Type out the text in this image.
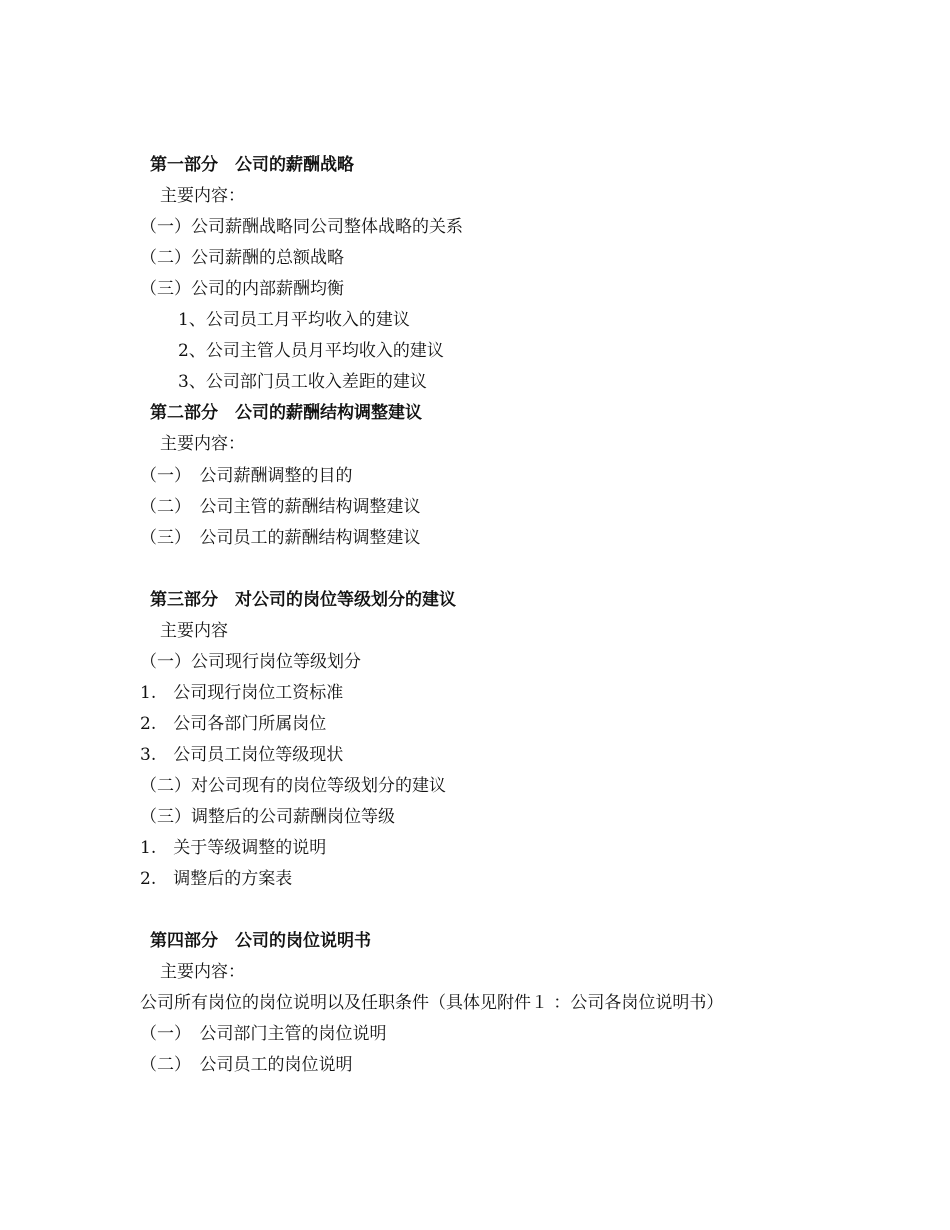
第一部分　公司的薪酬战略
主要内容：
（一）公司薪酬战略同公司整体战略的关系
（二）公司薪酬的总额战略
（三）公司的内部薪酬均衡
1、公司员工月平均收入的建议
2、公司主管人员月平均收入的建议
3、公司部门员工收入差距的建议
第二部分　公司的薪酬结构调整建议
主要内容：
（一）　公司薪酬调整的目的
（二）　公司主管的薪酬结构调整建议
（三）　公司员工的薪酬结构调整建议
第三部分　对公司的岗位等级划分的建议
主要内容
（一）公司现行岗位等级划分
1.　公司现行岗位工资标准
2.　公司各部门所属岗位
3.　公司员工岗位等级现状
（二）对公司现有的岗位等级划分的建议
（三）调整后的公司薪酬岗位等级
1.　关于等级调整的说明
2.　调整后的方案表
第四部分　公司的岗位说明书
主要内容：
公司所有岗位的岗位说明以及任职条件（具体见附件１ ：公司各岗位说明书）
（一）　公司部门主管的岗位说明
（二）　公司员工的岗位说明
